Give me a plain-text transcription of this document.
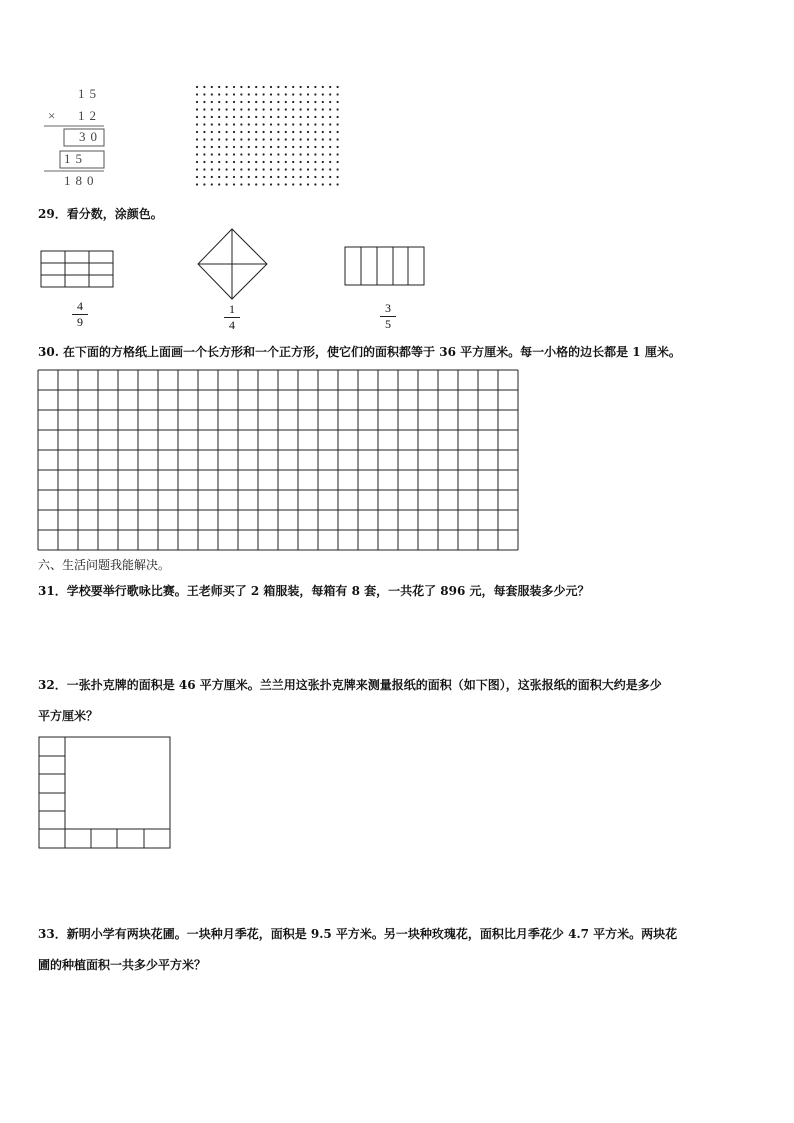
15
× 12
30
15
180
29．看分数，涂颜色。
4
9
1
4
3
5
30. 在下面的方格纸上面画一个长方形和一个正方形，使它们的面积都等于 36 平方厘米。每一小格的边长都是 1 厘米。
六、生活问题我能解决。
31．学校要举行歌咏比赛。王老师买了 2 箱服装，每箱有 8 套，一共花了 896 元，每套服装多少元？
32．一张扑克牌的面积是 46 平方厘米。兰兰用这张扑克牌来测量报纸的面积（如下图），这张报纸的面积大约是多少
平方厘米？
33．新明小学有两块花圃。一块种月季花，面积是 9.5 平方米。另一块种玫瑰花，面积比月季花少 4.7 平方米。两块花
圃的种植面积一共多少平方米？
